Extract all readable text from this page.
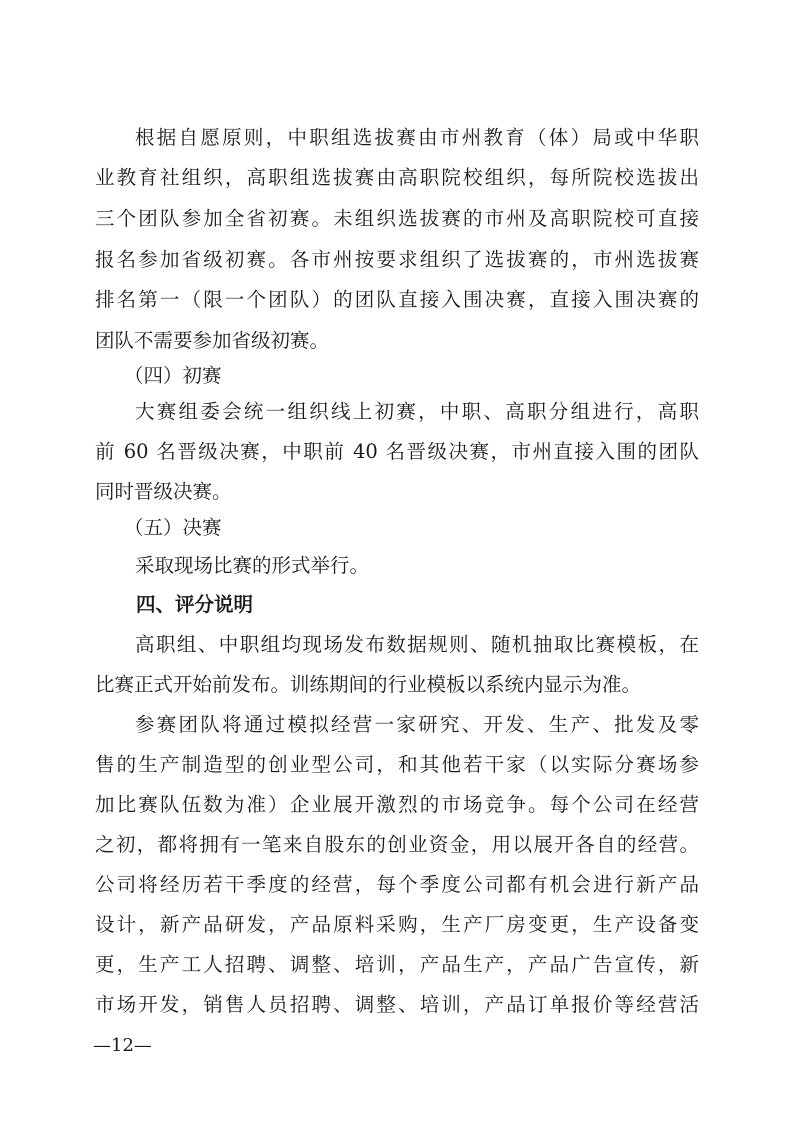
根据自愿原则，中职组选拔赛由市州教育（体）局或中华职
业教育社组织，高职组选拔赛由高职院校组织，每所院校选拔出
三个团队参加全省初赛。未组织选拔赛的市州及高职院校可直接
报名参加省级初赛。各市州按要求组织了选拔赛的，市州选拔赛
排名第一（限一个团队）的团队直接入围决赛，直接入围决赛的
团队不需要参加省级初赛。
（四）初赛
大赛组委会统一组织线上初赛，中职、高职分组进行，高职
前 60 名晋级决赛，中职前 40 名晋级决赛，市州直接入围的团队
同时晋级决赛。
（五）决赛
采取现场比赛的形式举行。
四、评分说明
高职组、中职组均现场发布数据规则、随机抽取比赛模板，在
比赛正式开始前发布。训练期间的行业模板以系统内显示为准。
参赛团队将通过模拟经营一家研究、开发、生产、批发及零
售的生产制造型的创业型公司，和其他若干家（以实际分赛场参
加比赛队伍数为准）企业展开激烈的市场竞争。每个公司在经营
之初，都将拥有一笔来自股东的创业资金，用以展开各自的经营。
公司将经历若干季度的经营，每个季度公司都有机会进行新产品
设计，新产品研发，产品原料采购，生产厂房变更，生产设备变
更，生产工人招聘、调整、培训，产品生产，产品广告宣传，新
市场开发，销售人员招聘、调整、培训，产品订单报价等经营活
—12—
